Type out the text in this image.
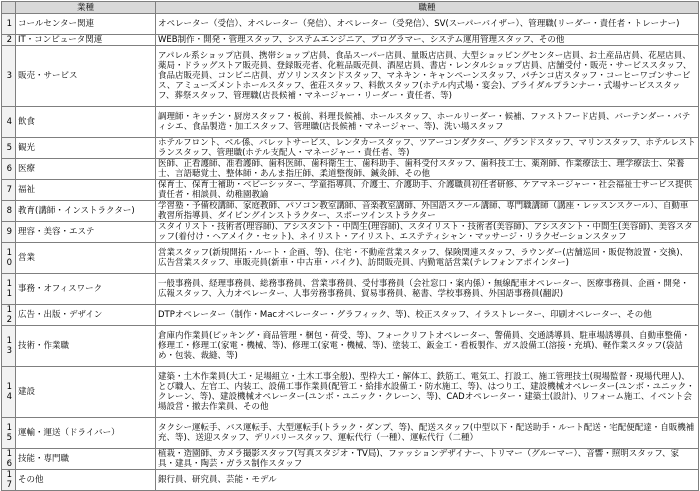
	業種	職種
1	コールセンター関連	オペレーター（受信）、オペレーター（発信）、オペレーター（受発信）、SV(スーパーバイザー）、管理職(リーダー・責任者・トレーナー)
2	IT・コンピュータ関連	WEB制作・開発・管理スタッフ、システムエンジニア、プログラマー、システム運用管理スタッフ、その他
3	販売・サービス	アパレル系ショップ店員、携帯ショップ店員、食品スーパー店員、量販店店員、大型ショッピングセンター店員、お土産品店員、花屋店員、薬局・ドラッグストア販売員、登録販売者、化粧品販売員、酒屋店員、書店・レンタルショップ店員、店舗受付・販売・サービススタッフ、食品店販売員、コンビニ店員、ガソリンスタンドスタッフ、マネキン・キャンペーンスタッフ、パチンコ店スタッフ・コーヒーワゴンサービス、アミューズメントホールスタッフ、雀荘スタッフ、料飲スタッフ(ホテル内式場・宴会)、ブライダルプランナー・式場サービススタッフ、葬祭スタッフ、管理職(店長候補・マネージャー・リーダー・責任者、等)
4	飲食	調理師・キッチン・厨房スタッフ・板前、料理長候補、ホールスタッフ、ホールリーダー・候補、ファストフード店員、バーテンダー・バティシエ、食品製造・加工スタッフ、管理職(店長候補・マネージャー、等)、洗い場スタッフ
5	観光	ホテルフロント、ベル係、バレットサービス、レンタカースタッフ、ツアーコンダクター、グランドスタッフ、マリンスタッフ、ホテルレストランスタッフ、管理職(ホテル支配人・マネージャー・責任者、等)
6	医療	医師、正看護師、准看護師、歯科医師、歯科衛生士、歯科助手、歯科受付スタッフ、歯科技工士、薬剤師、作業療法士、理学療法士、栄養士、言語聴覚士、整体師・あんま指圧師、柔道整復師、鍼灸師、その他
7	福祉	保育士、保育士補助・ベビーシッター、学童指導員、介護士、介護助手、介護職員初任者研修、ケアマネージャー・社会福祉士サービス提供責任者・相談員、幼稚園教諭
8	教育(講師・インストラクター)	学習塾・予備校講師、家庭教師、パソコン教室講師、音楽教室講師、外国語スクール講師、専門職講師（講座・レッスンスクール）、自動車教習所指導員、ダイビングインストラクター、スポーツインストラクター
9	理容・美容・エステ	スタイリスト・技術者(理容師)、アシスタント・中間生(理容師)、スタイリスト・技術者(美容師)、アシスタント・中間生(美容師)、美容スタッフ(着付け・ヘアメイク・セット)、ネイリスト・アイリスト、エステティシャン・マッサージ・リラクゼーションスタッフ
10	営業	営業スタッフ(新規開拓・ルート・企画、等)、住宅・不動産営業スタッフ、保険関連スタッフ、ラウンダー(店舗巡回・販促物設置・交換)、広告営業スタッフ、車販売員(新車・中古車・バイク)、訪問販売員、内勤電話営業(テレフォンアポインター)
11	事務・オフィスワーク	一般事務員、経理事務員、総務事務員、営業事務員、受付事務員（会社窓口・案内係）・無線配車オペレーター、医療事務員、企画・開発・広報スタッフ、入力オペレーター、人事労務事務員、貿易事務員、秘書、学校事務員、外国語事務員(翻訳)
12	広告・出版・デザイン	DTPオペレーター（制作・Macオペレーター・グラフィック、等)、校正スタッフ、イラストレーター、印刷オペレーター、その他
13	技術・作業職	倉庫内作業員(ピッキング・商品管理・梱包・荷受、等)、フォークリフトオペレーター、警備員、交通誘導員、駐車場誘導員、自動車整備・修理工・修理工(家電・機械、等)、修理工(家電・機械、等)、塗装工、鈑金工・看板製作、ガス設備工(溶接・充填)、軽作業スタッフ(袋詰め・包装、裁縫、等)
14	建設	建築・土木作業員(大工・足場組立・土木工事全般)、型枠大工・解体工、鉄筋工、電気工、打設工、施工管理技士(現場監督・現場代理人)、とび職人、左官工、内装工、設備工事作業員(配管工・給排水設備工・防水施工、等)、はつり工、建設機械オペレーター(ユンボ・ユニック・クレーン、等)、建設機械オペレーター(ユンボ・ユニック・クレーン、等)、CADオペレーター・建築士(設計)、リフォーム施工、イベント会場設営・撤去作業員、その他
15	運輸・運送（ドライバー）	タクシー運転手、バス運転手、大型運転手(トラック・ダンプ、等)、配送スタッフ(中型以下・配送助手・ルート配送・宅配便配達・自販機補充、等)、送迎スタッフ、デリバリースタッフ、運転代行（一種）、運転代行（二種）
16	技能・専門職	植栽・造園師、カメラ撮影スタッフ(写真スタジオ・TV局)、ファッションデザイナー、トリマー（グルーマー）、音響・照明スタッフ、家具・建具・陶芸・ガラス制作スタッフ
17	その他	銀行員、研究員、芸能・モデル
